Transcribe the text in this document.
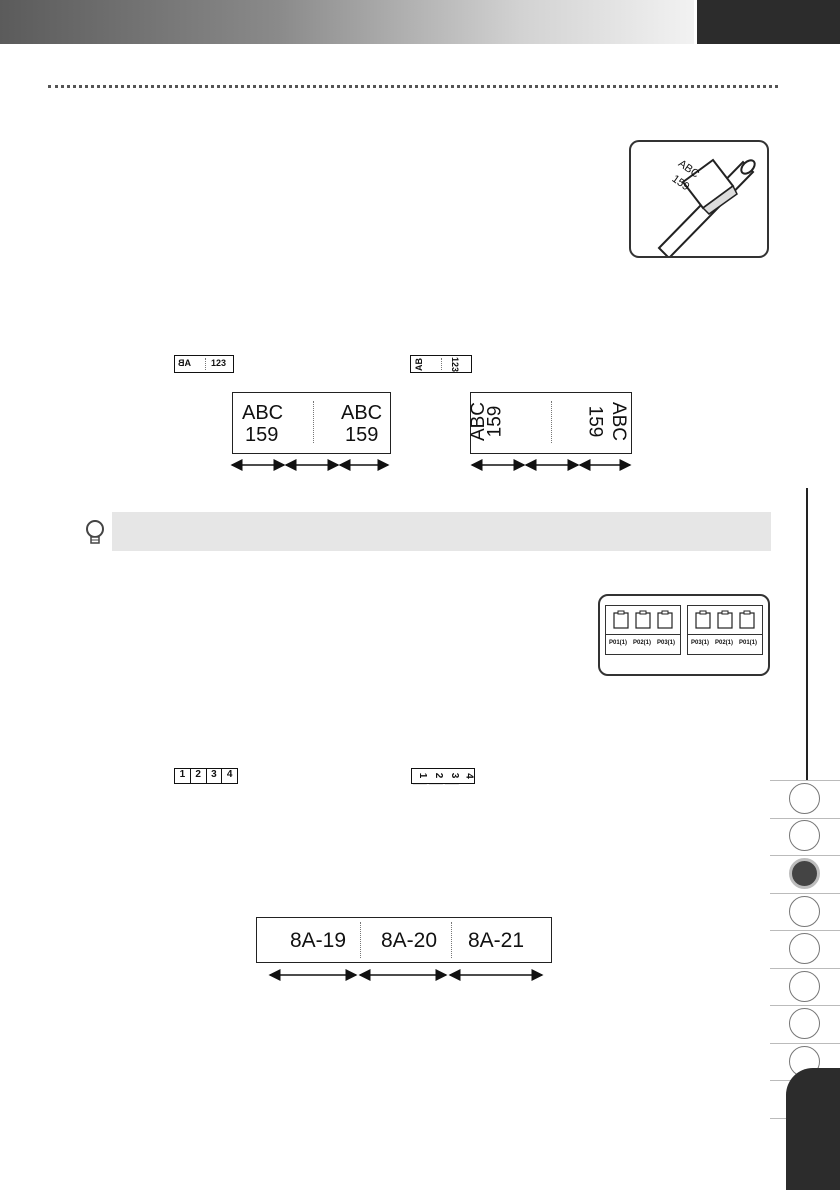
ABC
159
AB 123	AB	123
ABC
159
ABC
159	ABC
159	ABC
159
P01(1) P02(1) P03(1)	P03(1) P02(1) P01(1)
1	2	3	4	1 2 3 4
8A-19 8A-20 8A-21
